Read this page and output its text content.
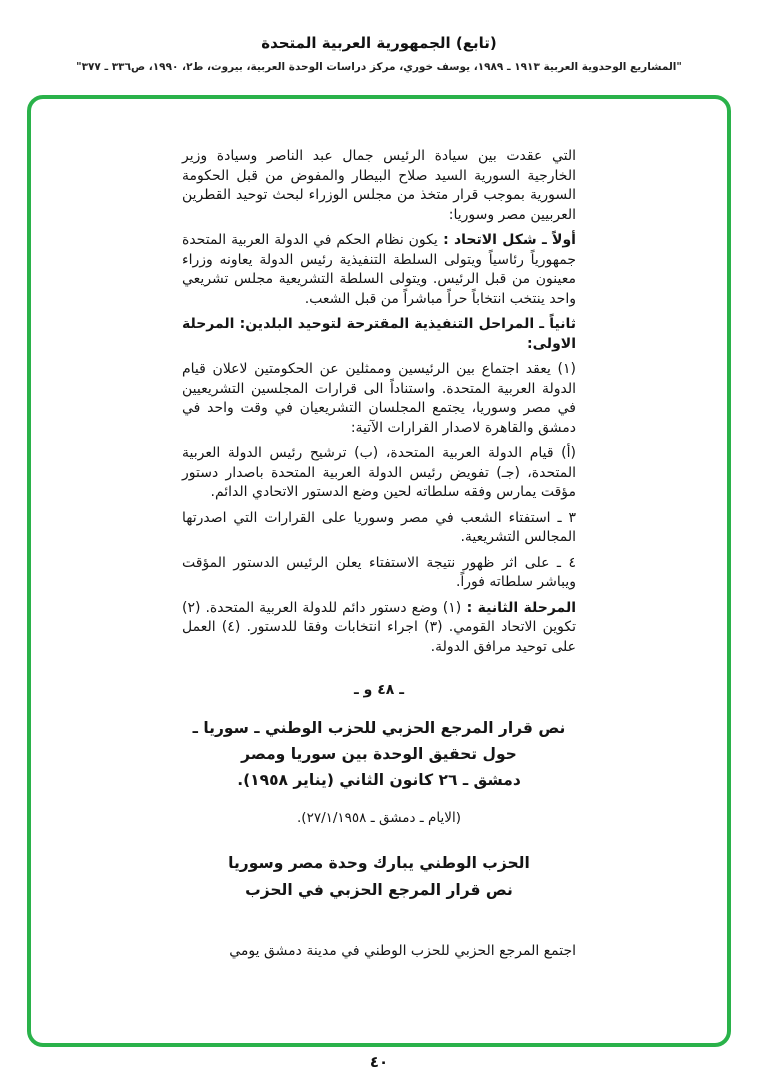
(تابع) الجمهورية العربية المتحدة
"المشاريع الوحدوية العربية ١٩١٣ ـ ١٩٨٩، يوسف خوري، مركز دراسات الوحدة العربية، بيروت، ط٢، ١٩٩٠، ص٣٣٦ ـ ٣٧٧"

التي عقدت بين سيادة الرئيس جمال عبد الناصر وسيادة وزير الخارجية السورية السيد صلاح البيطار والمفوض من قبل الحكومة السورية بموجب قرار متخذ من مجلس الوزراء لبحث توحيد القطرين العربيين مصر وسوريا:

أولاً ـ شكل الاتحاد : يكون نظام الحكم في الدولة العربية المتحدة جمهورياً رئاسياً ويتولى السلطة التنفيذية رئيس الدولة يعاونه وزراء معينون من قبل الرئيس. ويتولى السلطة التشريعية مجلس تشريعي واحد ينتخب انتخاباً حراً مباشراً من قبل الشعب.

ثانياً ـ المراحل التنفيذية المقترحة لتوحيد البلدين: المرحلة الاولى:

(١) يعقد اجتماع بين الرئيسين وممثلين عن الحكومتين لاعلان قيام الدولة العربية المتحدة. واستناداً الى قرارات المجلسين التشريعيين في مصر وسوريا، يجتمع المجلسان التشريعيان في وقت واحد في دمشق والقاهرة لاصدار القرارات الآتية:

(أ) قيام الدولة العربية المتحدة، (ب) ترشيح رئيس الدولة العربية المتحدة، (جـ) تفويض رئيس الدولة العربية المتحدة باصدار دستور مؤقت يمارس وفقه سلطاته لحين وضع الدستور الاتحادي الدائم.

٣ ـ استفتاء الشعب في مصر وسوريا على القرارات التي اصدرتها المجالس التشريعية.

٤ ـ على اثر ظهور نتيجة الاستفتاء يعلن الرئيس الدستور المؤقت ويباشر سلطاته فوراً.

المرحلة الثانية : (١) وضع دستور دائم للدولة العربية المتحدة. (٢) تكوين الاتحاد القومي. (٣) اجراء انتخابات وفقا للدستور. (٤) العمل على توحيد مرافق الدولة.

ـ ٤٨ و ـ

نص قرار المرجع الحزبي للحزب الوطني ـ سوريا ـ

حول تحقيق الوحدة بين سوريا ومصر

دمشق ـ ٢٦ كانون الثاني (يناير ١٩٥٨).

(الايام ـ دمشق ـ ٢٧/١/١٩٥٨).

الحزب الوطني يبارك وحدة مصر وسوريا

نص قرار المرجع الحزبي في الحزب

اجتمع المرجع الحزبي للحزب الوطني في مدينة دمشق يومي

٤٠
